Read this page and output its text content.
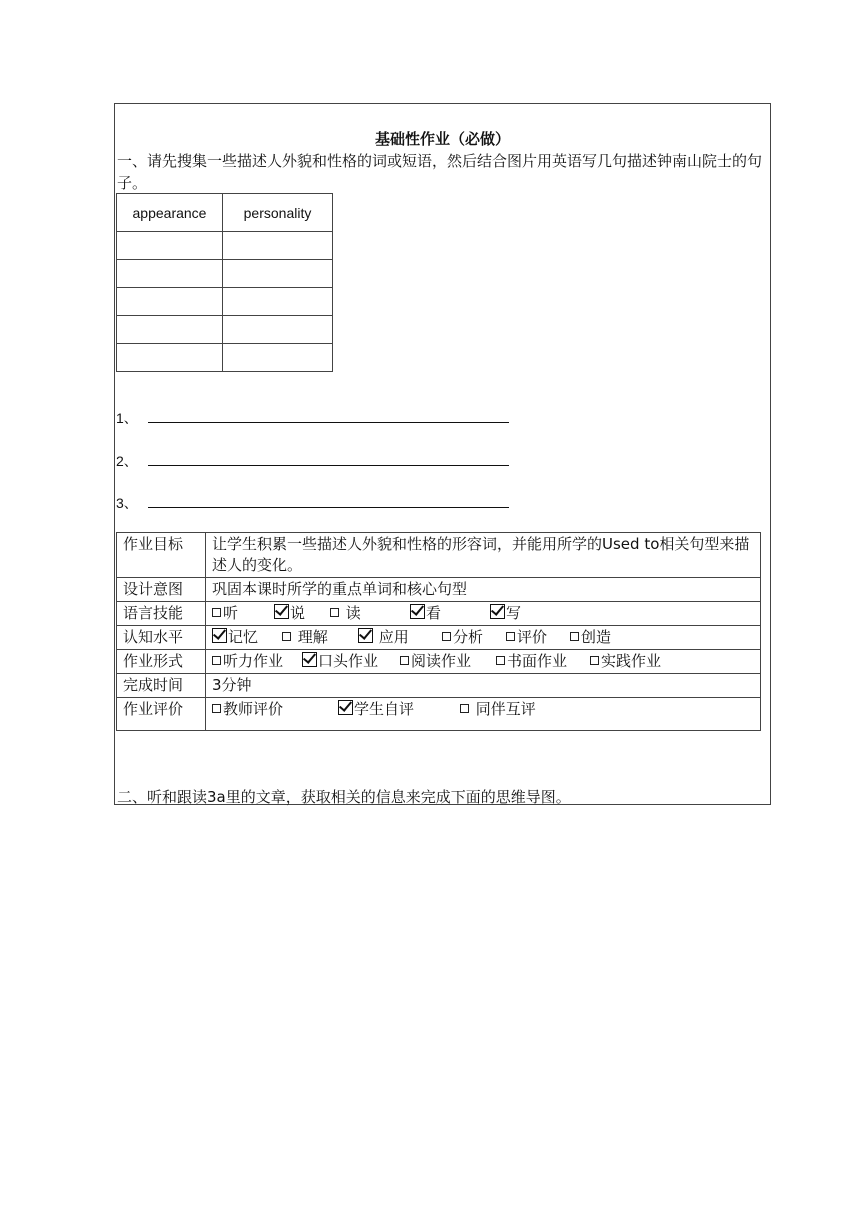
基础性作业（必做）
一、请先搜集一些描述人外貌和性格的词或短语，然后结合图片用英语写几句描述钟南山院士的句子。
appearance	personality

1、
2、
3、
作业目标	让学生积累一些描述人外貌和性格的形容词，并能用所学的Used to相关句型来描述人的变化。
设计意图	巩固本课时所学的重点单词和核心句型
语言技能	听 说 读 看 写
认知水平	记忆 理解 应用 分析 评价 创造
作业形式	听力作业 口头作业 阅读作业 书面作业 实践作业
完成时间	3分钟
作业评价	教师评价 学生自评 同伴互评
二、听和跟读3a里的文章，获取相关的信息来完成下面的思维导图。
